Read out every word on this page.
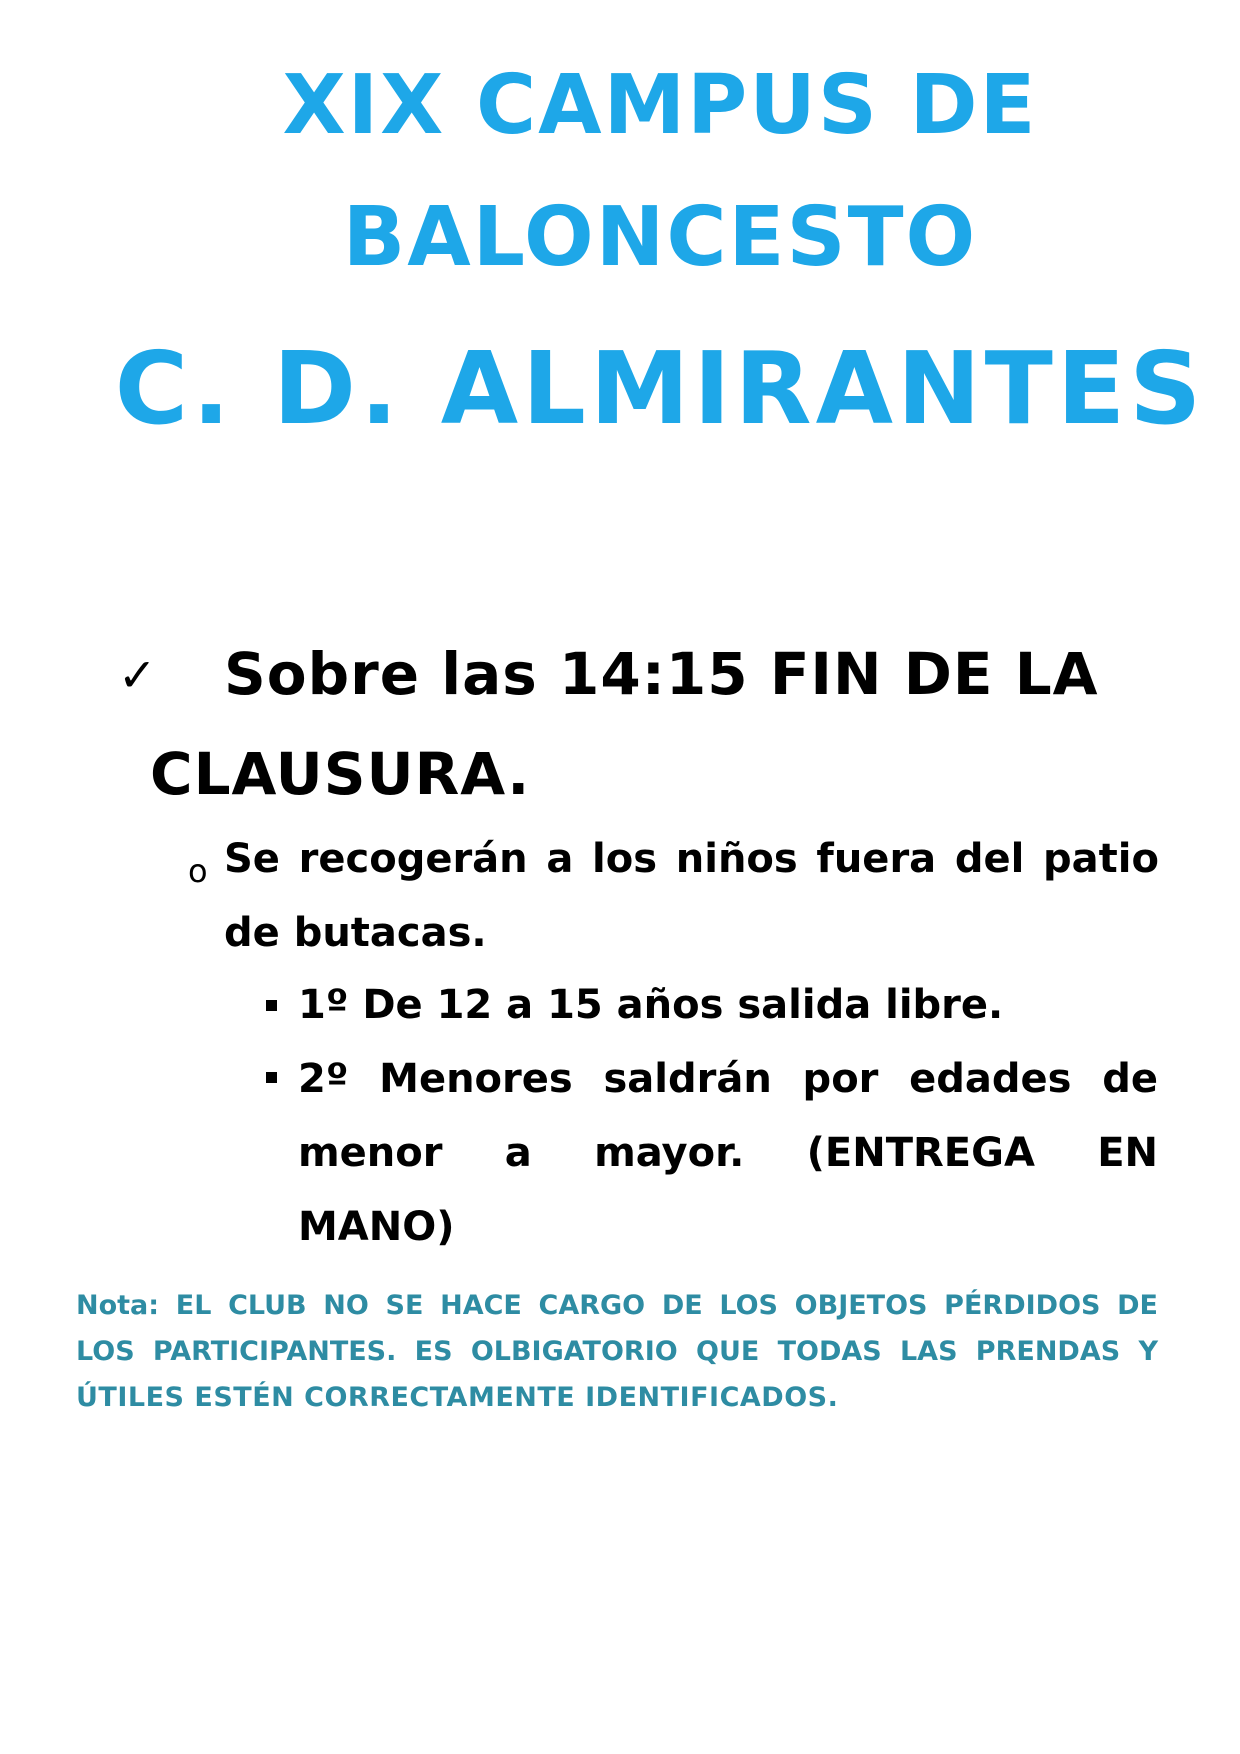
XIX CAMPUS DE
BALONCESTO
C. D. ALMIRANTES
✓ Sobre las 14:15 FIN DE LA
CLAUSURA.
o Se recogerán a los niños fuera del patio
de butacas.
1º De 12 a 15 años salida libre.
2º Menores saldrán por edades de
menor a mayor. (ENTREGA EN
MANO)
Nota: EL CLUB NO SE HACE CARGO DE LOS OBJETOS PÉRDIDOS DE
LOS PARTICIPANTES. ES OLBIGATORIO QUE TODAS LAS PRENDAS Y
ÚTILES ESTÉN CORRECTAMENTE IDENTIFICADOS.
